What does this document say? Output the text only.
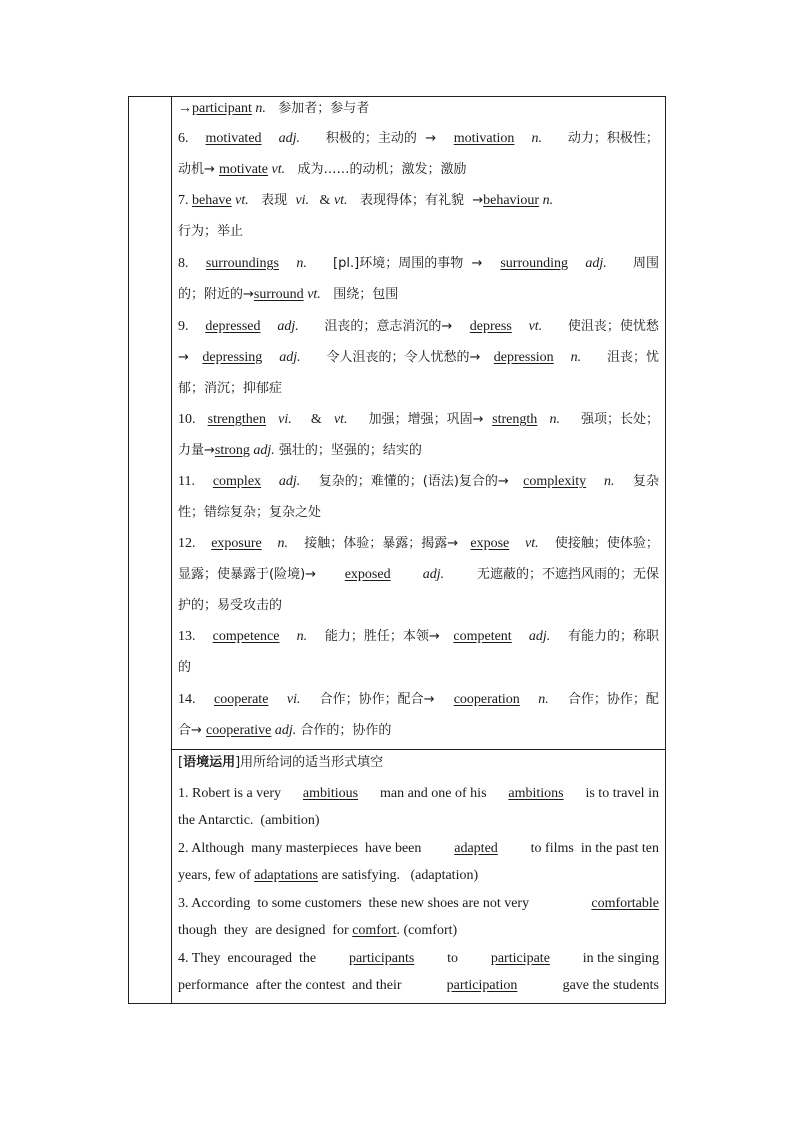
→participant n.   参加者；参与者
6. motivated adj. 积极的；主动的  → motivation n. 动力；积极性；
动机→ motivate vt.   成为……的动机；激发；激励
7. behave vt.   表现  vi.   & vt.   表现得体；有礼貌  →behaviour n.
行为；举止
8. surroundings n. [pl.]环境；周围的事物  → surrounding adj. 周围
的；附近的→surround vt.   围绕；包围
9. depressed adj. 沮丧的；意志消沉的→ depress vt. 使沮丧；使忧愁
→ depressing adj. 令人沮丧的；令人忧愁的→ depression n. 沮丧；忧
郁；消沉；抑郁症
10. strengthen vi. & vt. 加强；增强；巩固→ strength n. 强项；长处；
力量→strong adj. 强壮的；坚强的；结实的
11. complex adj. 复杂的；难懂的；(语法)复合的→ complexity n. 复杂
性；错综复杂；复杂之处
12. exposure n. 接触；体验；暴露；揭露→ expose vt. 使接触；使体验；
显露；使暴露于(险境)→ exposed adj. 无遮蔽的；不遮挡风雨的；无保
护的；易受攻击的
13. competence n. 能力；胜任；本领→ competent adj. 有能力的；称职
的
14. cooperate vi. 合作；协作；配合→ cooperation n. 合作；协作；配
合→ cooperative adj. 合作的；协作的
[语境运用]用所给词的适当形式填空
1. Robert is a very ambitious man and one of his ambitions is to travel in
the Antarctic.  (ambition)
2. Although  many masterpieces  have been adapted to films  in the past ten
years, few of adaptations are satisfying.   (adaptation)
3. According  to some customers  these new shoes are not very	comfortable
though  they  are designed  for comfort . (comfort)
4. They  encouraged  the participants to participate in the singing
performance  after the contest  and their	participation	gave the students
